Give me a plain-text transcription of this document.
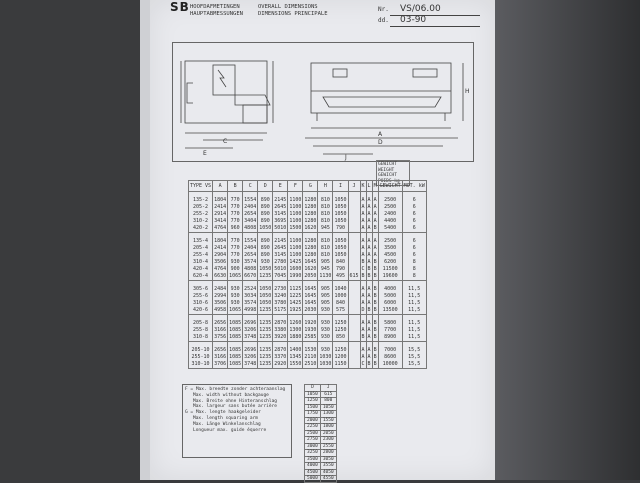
SB HOOFDAFMETINGEN
HAUPTABMESSUNGEN
OVERALL DIMENSIONS
DIMENSIONS PRINCIPALE
Nr. VS/06.00
dd. 03-90
C
E
A
D
J
H
GEWICHT
WEIGHT
GEWICHT
POIDS kg
TYPE VS	A	B	C	D	E	F	G	H	I	J	K	L	M	GEWICHT	MOT. kW

135-2	1804	770	1554	890	2145	1100	1280	810	1050		A	A	A	2500	6
205-2	2414	770	2404	890	2645	1100	1280	810	1050		A	A	A	2500	6
255-2	2914	770	2654	890	3145	1100	1280	810	1050		A	A	A	2400	6
310-2	3414	770	3404	890	3695	1100	1280	810	1050		A	A	A	4400	6
420-2	4764	960	4808	1050	5010	1500	1620	945	790		A	A	B	5400	6

135-4	1804	770	1554	890	2145	1100	1280	810	1050		A	A	A	2500	6
205-4	2414	770	2404	890	2645	1100	1280	810	1050		A	A	A	3500	6
255-4	2904	770	2654	890	3145	1100	1280	810	1050		A	A	A	4500	6
310-4	3506	930	3574	930	2780	1425	1645	905	840		B	A	B	6200	8
420-4	4764	900	4808	1050	5010	1600	1620	945	790		C	B	B	11500	8
620-4	6630	1065	6670	1235	7045	1990	2050	1130	495	615	B	B	B	19600	8

305-6	2484	930	2524	1050	2730	1125	1645	905	1040		A	A	B	4000	11,5
255-6	2994	930	3034	1050	3240	1225	1645	905	1000		A	A	B	5000	11,5
310-6	3506	930	3574	1050	3780	1425	1645	905	840		A	A	B	6000	11,5
420-6	4958	1065	4998	1235	5175	1925	2030	930	575		D	B	B	13500	11,5

205-8	2656	1085	2696	1235	2870	1260	1920	930	1250		A	A	B	5800	11,5
255-8	3166	1085	3206	1235	3380	1300	1930	930	1250		A	A	B	7700	11,5
310-8	3756	1085	3748	1235	3920	1880	2585	930	850		B	A	B	8900	11,5

205-10	2656	1085	2696	1235	2870	1400	1530	930	1250		A	A	B	7000	15,5
255-10	3166	1085	3206	1235	3370	1345	2110	1030	1200		A	A	B	8600	15,5
310-10	3706	1085	3748	1235	2920	1550	2510	1030	1150		C	B	B	10000	15,5
F = Max. breedte zonder achteraanslag
Max. width without backgauge
Max. Breite ohne Hinteranschlag
Max. largeur sans butée arrière
G = Max. lengte haakgeleider
Max. length squaring arm
Max. Länge Winkelanschlag
Longueur max. guide équerre
D	J
1050	615
1250	800
1500	1050
1750	1300
2000	1550
2250	1800
2500	2050
2750	2300
3000	2550
3250	2800
3500	3050
4000	3550
4500	4050
5000	4550
